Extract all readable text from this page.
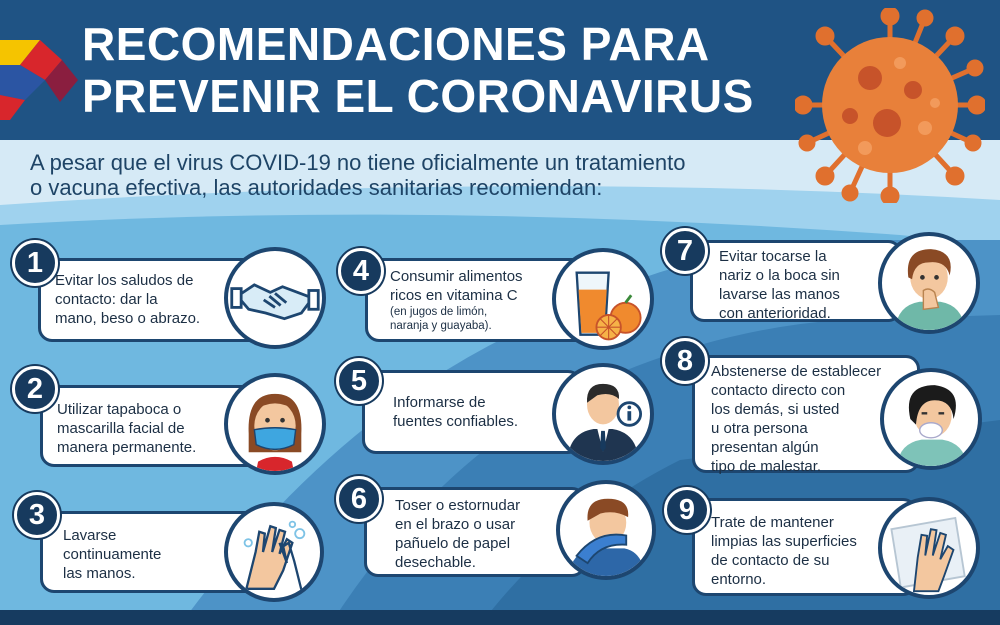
RECOMENDACIONES PARA
PREVENIR EL CORONAVIRUS
A pesar que el virus COVID-19 no tiene oficialmente un tratamiento
o vacuna efectiva, las autoridades sanitarias recomiendan:
Evitar los saludos de
contacto: dar la
mano, beso o abrazo.
1
Utilizar tapaboca o
mascarilla facial de
manera permanente.
2
Lavarse
continuamente
las manos.
3
Consumir alimentos
ricos en vitamina C
(en jugos de limón,
naranja y guayaba).
4
Informarse de
fuentes confiables.
5
Toser o estornudar
en el brazo o usar
pañuelo de papel
desechable.
6
Evitar tocarse la
nariz o la boca sin
lavarse las manos
con anterioridad.
7
Abstenerse de establecer
contacto directo con
los demás, si usted
u otra persona
presentan algún
tipo de malestar.
8
Trate de mantener
limpias las superficies
de contacto de su
entorno.
9
